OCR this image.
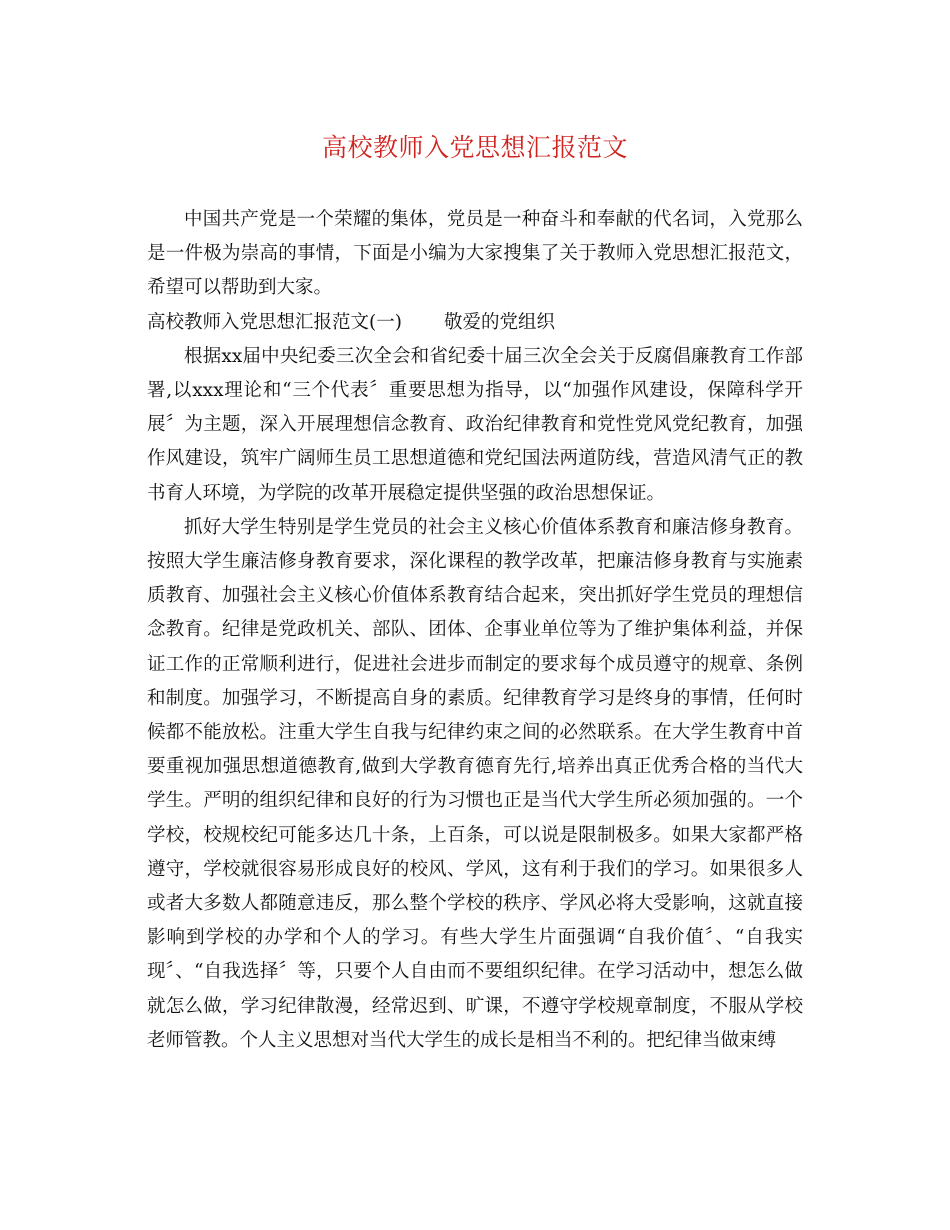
高校教师入党思想汇报范文

中国共产党是一个荣耀的集体，党员是一种奋斗和奉献的代名词，入党那么是一件极为崇高的事情，下面是小编为大家搜集了关于教师入党思想汇报范文，希望可以帮助到大家。

高校教师入党思想汇报范文(一) 敬爱的党组织

根据xx届中央纪委三次全会和省纪委十届三次全会关于反腐倡廉教育工作部署,以xxx理论和“三个代表〞重要思想为指导，以“加强作风建设，保障科学开展〞为主题，深入开展理想信念教育、政治纪律教育和党性党风党纪教育，加强作风建设，筑牢广阔师生员工思想道德和党纪国法两道防线，营造风清气正的教书育人环境，为学院的改革开展稳定提供坚强的政治思想保证。

抓好大学生特别是学生党员的社会主义核心价值体系教育和廉洁修身教育。按照大学生廉洁修身教育要求，深化课程的教学改革，把廉洁修身教育与实施素质教育、加强社会主义核心价值体系教育结合起来，突出抓好学生党员的理想信念教育。纪律是党政机关、部队、团体、企事业单位等为了维护集体利益，并保证工作的正常顺利进行，促进社会进步而制定的要求每个成员遵守的规章、条例和制度。加强学习，不断提高自身的素质。纪律教育学习是终身的事情，任何时候都不能放松。注重大学生自我与纪律约束之间的必然联系。在大学生教育中首要重视加强思想道德教育,做到大学教育德育先行,培养出真正优秀合格的当代大学生。严明的组织纪律和良好的行为习惯也正是当代大学生所必须加强的。一个学校，校规校纪可能多达几十条，上百条，可以说是限制极多。如果大家都严格遵守，学校就很容易形成良好的校风、学风，这有利于我们的学习。如果很多人或者大多数人都随意违反，那么整个学校的秩序、学风必将大受影响，这就直接影响到学校的办学和个人的学习。有些大学生片面强调“自我价值〞、“自我实现〞、“自我选择〞等，只要个人自由而不要组织纪律。在学习活动中，想怎么做就怎么做，学习纪律散漫，经常迟到、旷课，不遵守学校规章制度，不服从学校老师管教。个人主义思想对当代大学生的成长是相当不利的。把纪律当做束缚
